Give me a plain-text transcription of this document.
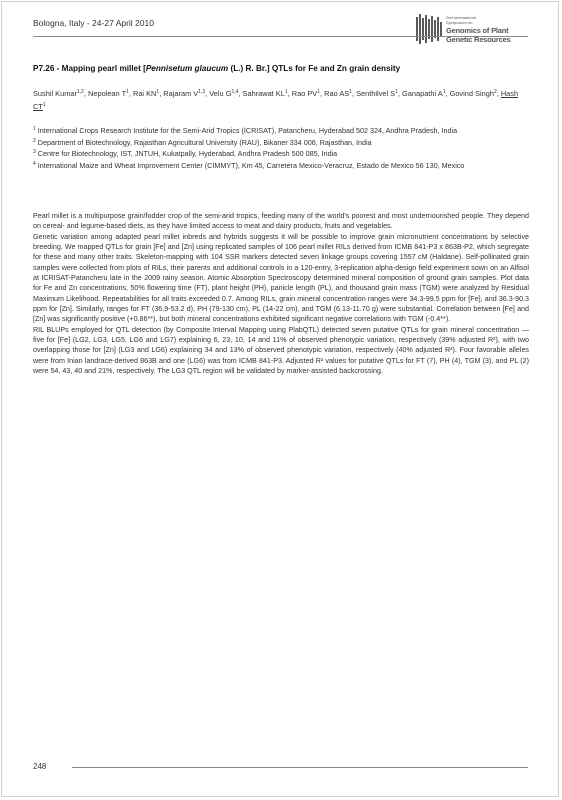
Bologna, Italy - 24-27 April 2010
2nd International
Symposium on
Genomics of Plant
Genetic Resources
P7.26 - Mapping pearl millet [Pennisetum glaucum (L.) R. Br.] QTLs for Fe and Zn grain density
Sushil Kumar$^{1,2}$, Nepolean $T^1$, Rai $KN^1$, Rajaram V$^{1,3}$, Velu G$^{1,4}$, Sahrawat $KL^1$, Rao $PV^1$, Rao $AS^1$, Senthilvel $S^1$, Ganapathi $A^1$, Govind Singh$^2$, Hash $CT^1$

$^1$ International Crops Research Institute for the Semi-Arid Tropics (ICRISAT), Patancheru, Hyderabad 502 324, Andhra Pradesh, India

$^2$ Department of Biotechnology, Rajasthan Agricultural University (RAU), Bikaner 334 006, Rajasthan, India

$^3$ Centre for Biotechnology, IST, JNTUH, Kukatpally, Hyderabad, Andhra Pradesh 500 085, India

$^4$ International Maize and Wheat Improvement Center (CIMMYT), Km 45, Carretera Mexico-Veracruz, Estado de Mexico 56 130, Mexico

Pearl millet is a multipurpose grain/fodder crop of the semi-arid tropics, feeding many of the world's poorest and most undernourished people. They depend on cereal- and legume-based diets, as they have limited access to meat and dairy products, fruits and vegetables.

Genetic variation among adapted pearl millet inbreds and hybrids suggests it will be possible to improve grain micronutrient concentrations by selective breeding. We mapped QTLs for grain [Fe] and [Zn] using replicated samples of 106 pearl millet RILs derived from ICMB 841-P3 x 863B-P2, which segregate for these and many other traits. Skeleton-mapping with 104 SSR markers detected seven linkage groups covering 1557 cM (Haldane). Self-pollinated grain samples were collected from plots of RILs, their parents and additional controls in a 120-entry, 3-replication alpha-design field experiment sown on an Alfisol at ICRISAT-Patancheru late in the 2009 rainy season. Atomic Absorption Spectroscopy determined mineral composition of ground grain samples. Plot data for Fe and Zn concentrations, 50% flowering time (FT), plant height (PH), panicle length (PL), and thousand grain mass (TGM) were analyzed by Residual Maximum Likelihood. Repeatabilities for all traits exceeded 0.7. Among RILs, grain mineral concentration ranges were 34.3-99.5 ppm for [Fe], and 36.3-90.3 ppm for [Zn]. Similarly, ranges for FT (36.9-53.2 d), PH (79-130 cm), PL (14-22 cm), and TGM (6.13-11.70 g) were substantial. Correlation between [Fe] and [Zn] was significantly positive (+0.86**), but both mineral concentrations exhibited significant negative correlations with TGM (-0.4**).

RIL BLUPs employed for QTL detection (by Composite Interval Mapping using PlabQTL) detected seven putative QTLs for grain mineral concentration — five for [Fe] (LG2, LG3, LG5, LG6 and LG7) explaining 6, 23, 10, 14 and 11% of observed phenotypic variation, respectively (39% adjusted R²), with two overlapping those for [Zn] (LG3 and LG6) explaining 34 and 13% of observed phenotypic variation, respectively (40% adjusted R²). Four favorable alleles were from Inian landrace-derived 863B and one (LG6) was from ICMB 841-P3. Adjusted R² values for putative QTLs for FT (7), PH (4), TGM (3), and PL (2) were 54, 43, 40 and 21%, respectively. The LG3 QTL region will be validated by marker-assisted backcrossing.

248
